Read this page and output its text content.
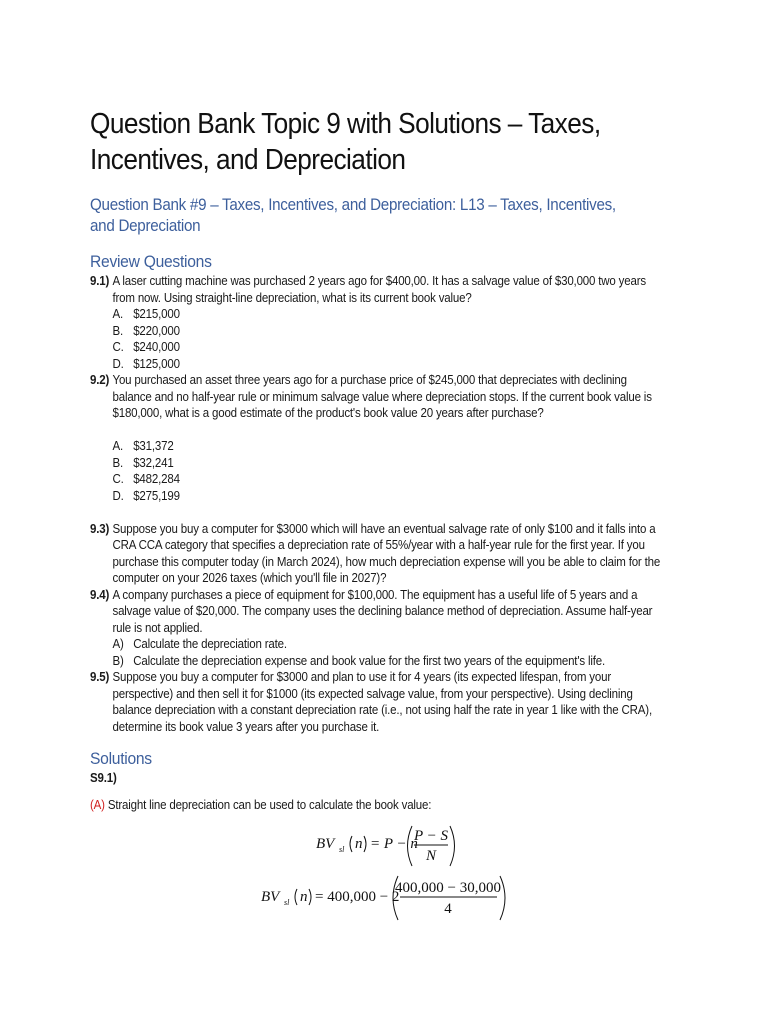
Question Bank Topic 9 with Solutions – Taxes, Incentives, and Depreciation
Question Bank #9 – Taxes, Incentives, and Depreciation: L13 – Taxes, Incentives, and Depreciation
Review Questions
9.1) A laser cutting machine was purchased 2 years ago for $400,00. It has a salvage value of $30,000 two years from now. Using straight-line depreciation, what is its current book value?
A. $215,000
B. $220,000
C. $240,000
D. $125,000
9.2) You purchased an asset three years ago for a purchase price of $245,000 that depreciates with declining balance and no half-year rule or minimum salvage value where depreciation stops. If the current book value is $180,000, what is a good estimate of the product's book value 20 years after purchase?
A. $31,372
B. $32,241
C. $482,284
D. $275,199
9.3) Suppose you buy a computer for $3000 which will have an eventual salvage rate of only $100 and it falls into a CRA CCA category that specifies a depreciation rate of 55%/year with a half-year rule for the first year. If you purchase this computer today (in March 2024), how much depreciation expense will you be able to claim for the computer on your 2026 taxes (which you'll file in 2027)?
9.4) A company purchases a piece of equipment for $100,000. The equipment has a useful life of 5 years and a salvage value of $20,000. The company uses the declining balance method of depreciation. Assume half-year rule is not applied.
A) Calculate the depreciation rate.
B) Calculate the depreciation expense and book value for the first two years of the equipment's life.
9.5) Suppose you buy a computer for $3000 and plan to use it for 4 years (its expected lifespan, from your perspective) and then sell it for $1000 (its expected salvage value, from your perspective). Using declining balance depreciation with a constant depreciation rate (i.e., not using half the rate in year 1 like with the CRA), determine its book value 3 years after you purchase it.
Solutions
S9.1)
(A) Straight line depreciation can be used to calculate the book value:
BV sl n = P − n
P − S
N
BV sl n = 400,000 − 2
400,000 − 30,000
4
